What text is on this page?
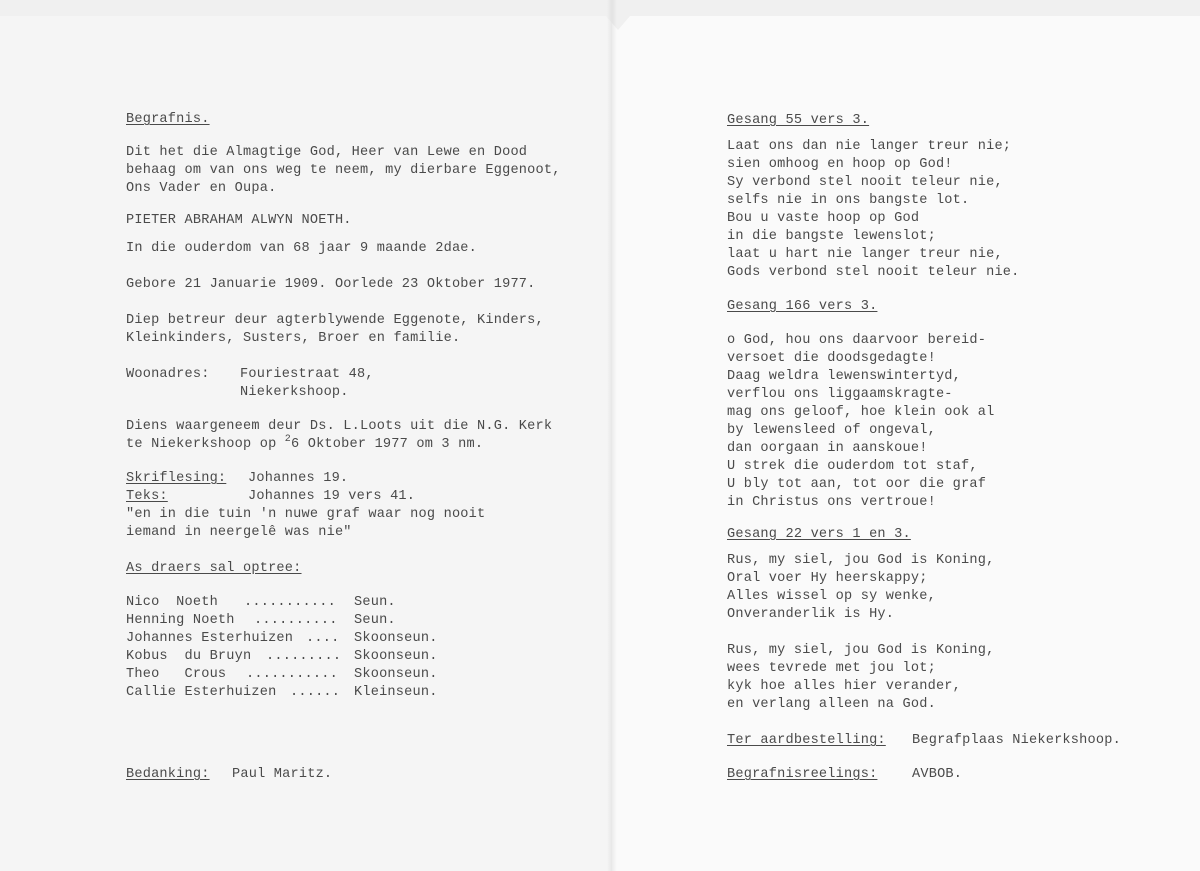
Begrafnis.
Dit het die Almagtige God, Heer van Lewe en Dood
behaag om van ons weg te neem, my dierbare Eggenoot,
Ons Vader en Oupa.
PIETER ABRAHAM ALWYN NOETH.
In die ouderdom van 68 jaar 9 maande 2dae.
Gebore 21 Januarie 1909. Oorlede 23 Oktober 1977.
Diep betreur deur agterblywende Eggenote, Kinders,
Kleinkinders, Susters, Broer en familie.
Woonadres: Fouriestraat 48,
Niekerkshoop.
Diens waargeneem deur Ds. L.Loots uit die N.G. Kerk
te Niekerkshoop op $^2$6 Oktober 1977 om 3 nm.
Skriflesing: Johannes 19.
Teks:	Johannes 19 vers 41.
"en in die tuin 'n nuwe graf waar nog nooit
iemand in neergelê was nie"
As draers sal optree:
Nico  Noeth ........... Seun.
Henning Noeth .......... Seun.
Johannes Esterhuizen .... Skoonseun.
Kobus  du Bruyn ......... Skoonseun.
Theo   Crous ........... Skoonseun.
Callie Esterhuizen ...... Kleinseun.
Bedanking: Paul Maritz.
Gesang 55 vers 3.
Laat ons dan nie langer treur nie;
sien omhoog en hoop op God!
Sy verbond stel nooit teleur nie,
selfs nie in ons bangste lot.
Bou u vaste hoop op God
in die bangste lewenslot;
laat u hart nie langer treur nie,
Gods verbond stel nooit teleur nie.
Gesang 166 vers 3.
o God, hou ons daarvoor bereid-
versoet die doodsgedagte!
Daag weldra lewenswintertyd,
verflou ons liggaamskragte-
mag ons geloof, hoe klein ook al
by lewensleed of ongeval,
dan oorgaan in aanskoue!
U strek die ouderdom tot staf,
U bly tot aan, tot oor die graf
in Christus ons vertroue!
Gesang 22 vers 1 en 3.
Rus, my siel, jou God is Koning,
Oral voer Hy heerskappy;
Alles wissel op sy wenke,
Onveranderlik is Hy.
Rus, my siel, jou God is Koning,
wees tevrede met jou lot;
kyk hoe alles hier verander,
en verlang alleen na God.
Ter aardbestelling: Begrafplaas Niekerkshoop.
Begrafnisreelings:	AVBOB.
